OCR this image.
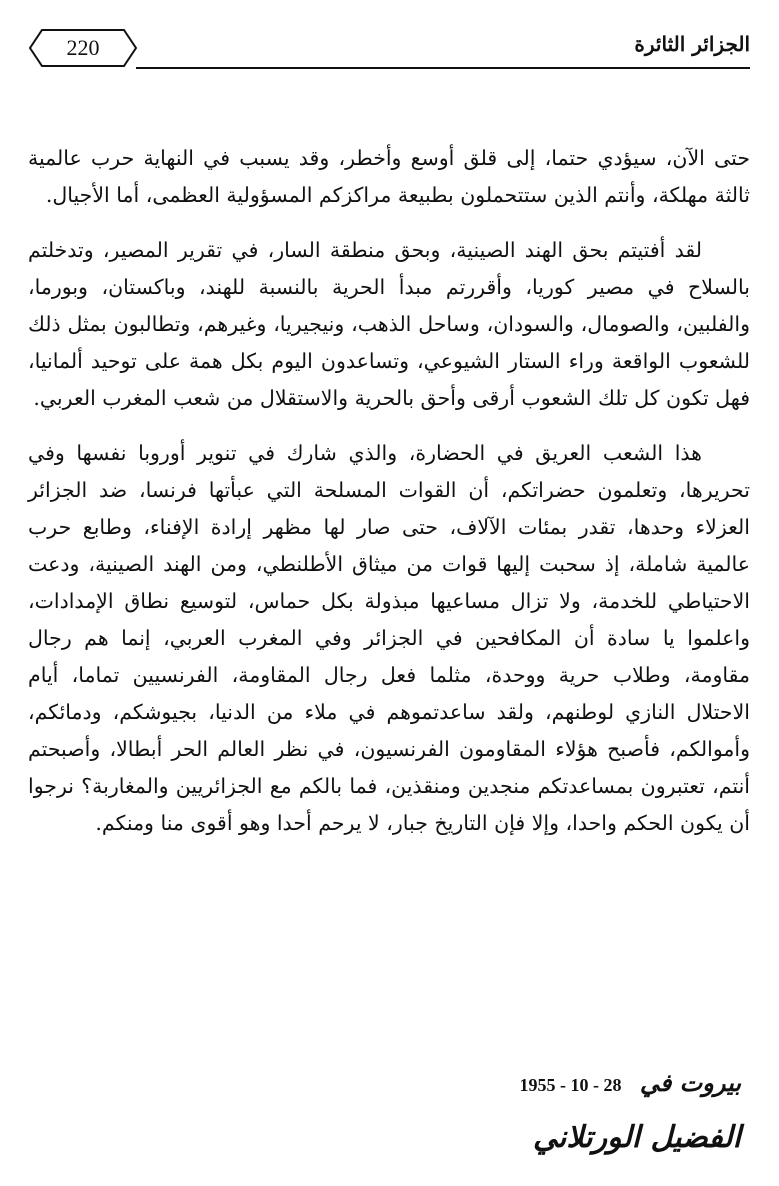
220	الجزائر الثائرة

حتى الآن، سيؤدي حتما، إلى قلق أوسع وأخطر، وقد يسبب في النهاية حرب عالمية ثالثة مهلكة، وأنتم الذين ستتحملون بطبيعة مراكزكم المسؤولية العظمى، أما الأجيال.

لقد أفتيتم بحق الهند الصينية، وبحق منطقة السار، في تقرير المصير، وتدخلتم بالسلاح في مصير كوريا، وأقررتم مبدأ الحرية بالنسبة للهند، وباكستان، وبورما، والفلبين، والصومال، والسودان، وساحل الذهب، ونيجيريا، وغيرهم، وتطالبون بمثل ذلك للشعوب الواقعة وراء الستار الشيوعي، وتساعدون اليوم بكل همة على توحيد ألمانيا، فهل تكون كل تلك الشعوب أرقى وأحق بالحرية والاستقلال من شعب المغرب العربي.

هذا الشعب العريق في الحضارة، والذي شارك في تنوير أوروبا نفسها وفي تحريرها، وتعلمون حضراتكم، أن القوات المسلحة التي عبأتها فرنسا، ضد الجزائر العزلاء وحدها، تقدر بمئات الآلاف، حتى صار لها مظهر إرادة الإفناء، وطابع حرب عالمية شاملة، إذ سحبت إليها قوات من ميثاق الأطلنطي، ومن الهند الصينية، ودعت الاحتياطي للخدمة، ولا تزال مساعيها مبذولة بكل حماس، لتوسيع نطاق الإمدادات، واعلموا يا سادة أن المكافحين في الجزائر وفي المغرب العربي، إنما هم رجال مقاومة، وطلاب حرية ووحدة، مثلما فعل رجال المقاومة، الفرنسيين تماما، أيام الاحتلال النازي لوطنهم، ولقد ساعدتموهم في ملاء من الدنيا، بجيوشكم، ودمائكم، وأموالكم، فأصبح هؤلاء المقاومون الفرنسيون، في نظر العالم الحر أبطالا، وأصبحتم أنتم، تعتبرون بمساعدتكم منجدين ومنقذين، فما بالكم مع الجزائريين والمغاربة؟ نرجوا أن يكون الحكم واحدا، وإلا فإن التاريخ جبار، لا يرحم أحدا وهو أقوى منا ومنكم.

بيروت في 1955 - 10 - 28
الفضيل الورتلاني
